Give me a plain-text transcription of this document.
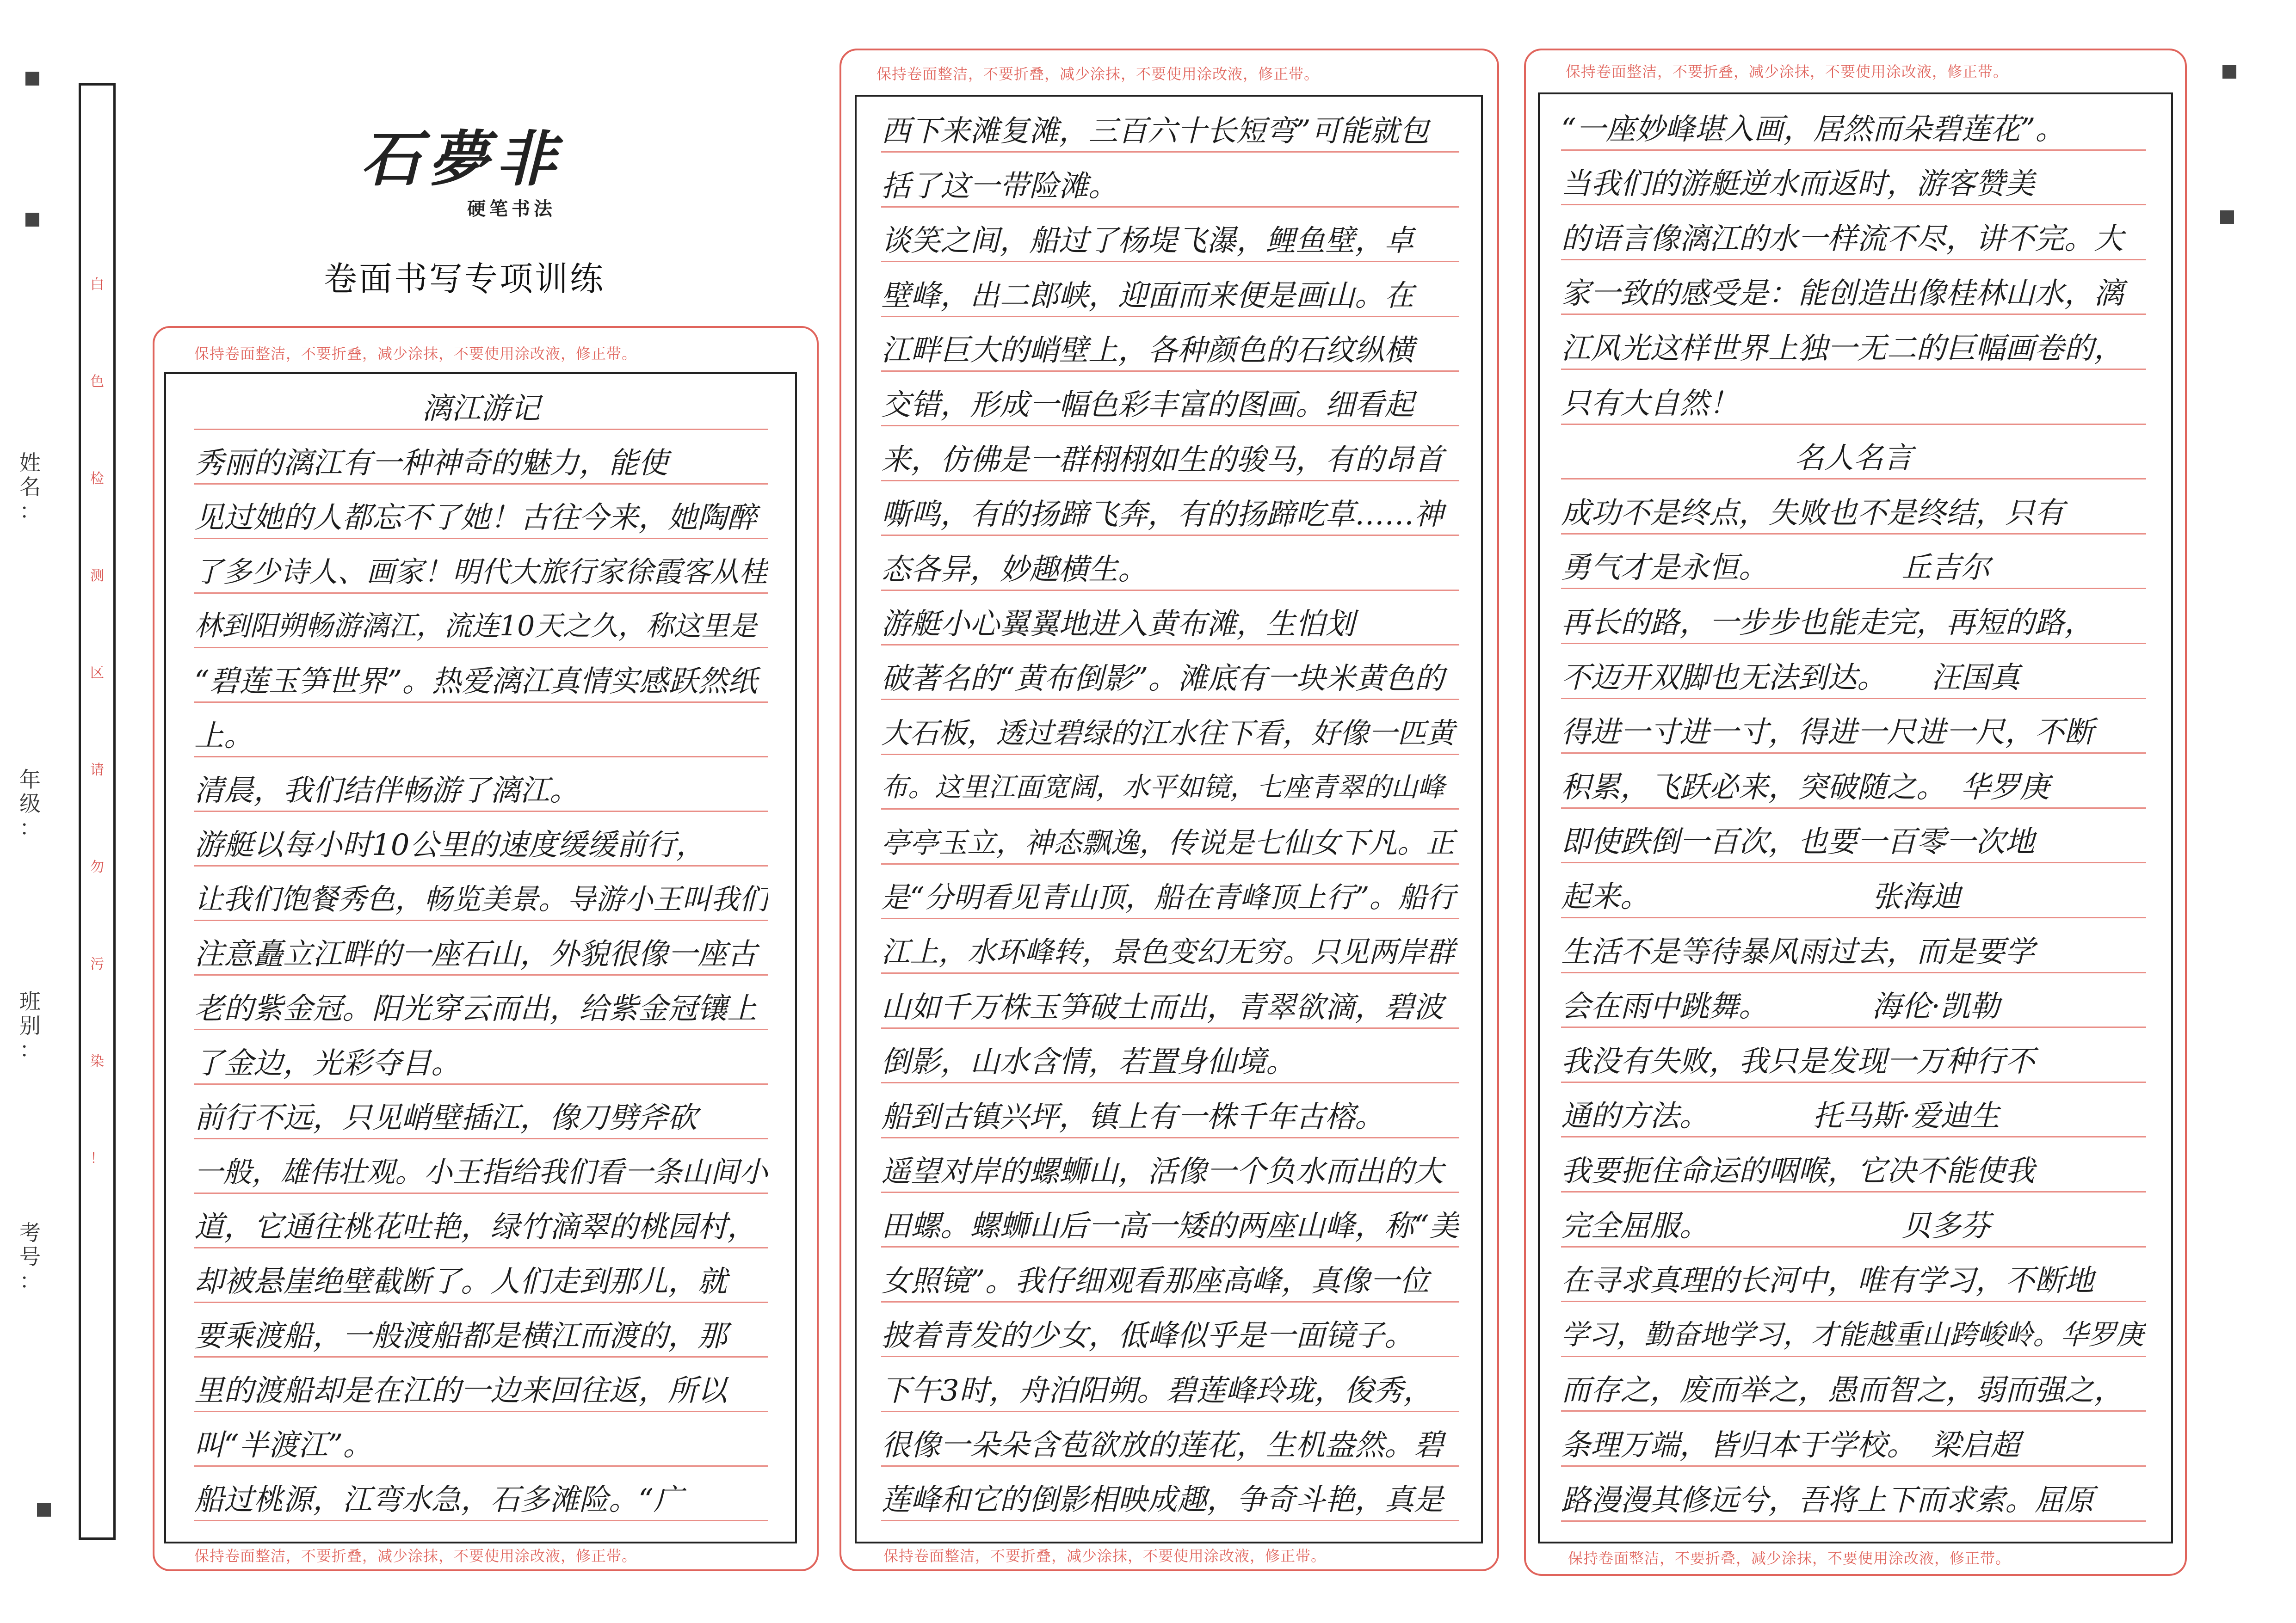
白
色
检
测
区
请
勿
污
染
！
姓
名
：
年
级
：
班
别
：
考
号
：
石夢非
硬笔书法
卷面书写专项训练
保持卷面整洁，不要折叠，减少涂抹，不要使用涂改液，修正带。
保持卷面整洁，不要折叠，减少涂抹，不要使用涂改液，修正带。
保持卷面整洁，不要折叠，减少涂抹，不要使用涂改液，修正带。
保持卷面整洁，不要折叠，减少涂抹，不要使用涂改液，修正带。
保持卷面整洁，不要折叠，减少涂抹，不要使用涂改液，修正带。
保持卷面整洁，不要折叠，减少涂抹，不要使用涂改液，修正带。
漓江游记
秀丽的漓江有一种神奇的魅力，能使
见过她的人都忘不了她！古往今来，她陶醉
了多少诗人、画家！明代大旅行家徐霞客从桂
林到阳朔畅游漓江，流连10天之久，称这里是
“碧莲玉笋世界”。热爱漓江真情实感跃然纸
上。
清晨，我们结伴畅游了漓江。
游艇以每小时10公里的速度缓缓前行，
让我们饱餐秀色，畅览美景。导游小王叫我们
注意矗立江畔的一座石山，外貌很像一座古
老的紫金冠。阳光穿云而出，给紫金冠镶上
了金边，光彩夺目。
前行不远，只见峭壁插江，像刀劈斧砍
一般，雄伟壮观。小王指给我们看一条山间小
道，它通往桃花吐艳，绿竹滴翠的桃园村，
却被悬崖绝壁截断了。人们走到那儿，就
要乘渡船，一般渡船都是横江而渡的，那
里的渡船却是在江的一边来回往返，所以
叫“半渡江”。
船过桃源，江弯水急，石多滩险。“广
西下来滩复滩，三百六十长短弯”可能就包
括了这一带险滩。
谈笑之间，船过了杨堤飞瀑，鲤鱼壁，卓
壁峰，出二郎峡，迎面而来便是画山。在
江畔巨大的峭壁上，各种颜色的石纹纵横
交错，形成一幅色彩丰富的图画。细看起
来，仿佛是一群栩栩如生的骏马，有的昂首
嘶鸣，有的扬蹄飞奔，有的扬蹄吃草……神
态各异，妙趣横生。
游艇小心翼翼地进入黄布滩，生怕划
破著名的“黄布倒影”。滩底有一块米黄色的
大石板，透过碧绿的江水往下看，好像一匹黄
布。这里江面宽阔，水平如镜，七座青翠的山峰
亭亭玉立，神态飘逸，传说是七仙女下凡。正
是“分明看见青山顶，船在青峰顶上行”。船行
江上，水环峰转，景色变幻无穷。只见两岸群
山如千万株玉笋破土而出，青翠欲滴，碧波
倒影，山水含情，若置身仙境。
船到古镇兴坪，镇上有一株千年古榕。
遥望对岸的螺蛳山，活像一个负水而出的大
田螺。螺蛳山后一高一矮的两座山峰，称“美
女照镜”。我仔细观看那座高峰，真像一位
披着青发的少女，低峰似乎是一面镜子。
下午3时，舟泊阳朔。碧莲峰玲珑，俊秀，
很像一朵朵含苞欲放的莲花，生机盎然。碧
莲峰和它的倒影相映成趣，争奇斗艳，真是
“一座妙峰堪入画，居然而朵碧莲花”。
当我们的游艇逆水而返时，游客赞美
的语言像漓江的水一样流不尽，讲不完。大
家一致的感受是：能创造出像桂林山水，漓
江风光这样世界上独一无二的巨幅画卷的，
只有大自然！
名人名言
成功不是终点，失败也不是终结，只有
勇气才是永恒。　　　　　丘吉尔
再长的路，一步步也能走完，再短的路，
不迈开双脚也无法到达。　　汪国真
得进一寸进一寸，得进一尺进一尺，不断
积累，飞跃必来，突破随之。　华罗庚
即使跌倒一百次，也要一百零一次地
起来。　　　　　　　　张海迪
生活不是等待暴风雨过去，而是要学
会在雨中跳舞。　　　　海伦·凯勒
我没有失败，我只是发现一万种行不
通的方法。　　　　托马斯·爱迪生
我要扼住命运的咽喉，它决不能使我
完全屈服。　　　　　　　贝多芬
在寻求真理的长河中，唯有学习，不断地
学习，勤奋地学习，才能越重山跨峻岭。华罗庚
而存之，废而举之，愚而智之，弱而强之，
条理万端，皆归本于学校。　梁启超
路漫漫其修远兮，吾将上下而求索。屈原
